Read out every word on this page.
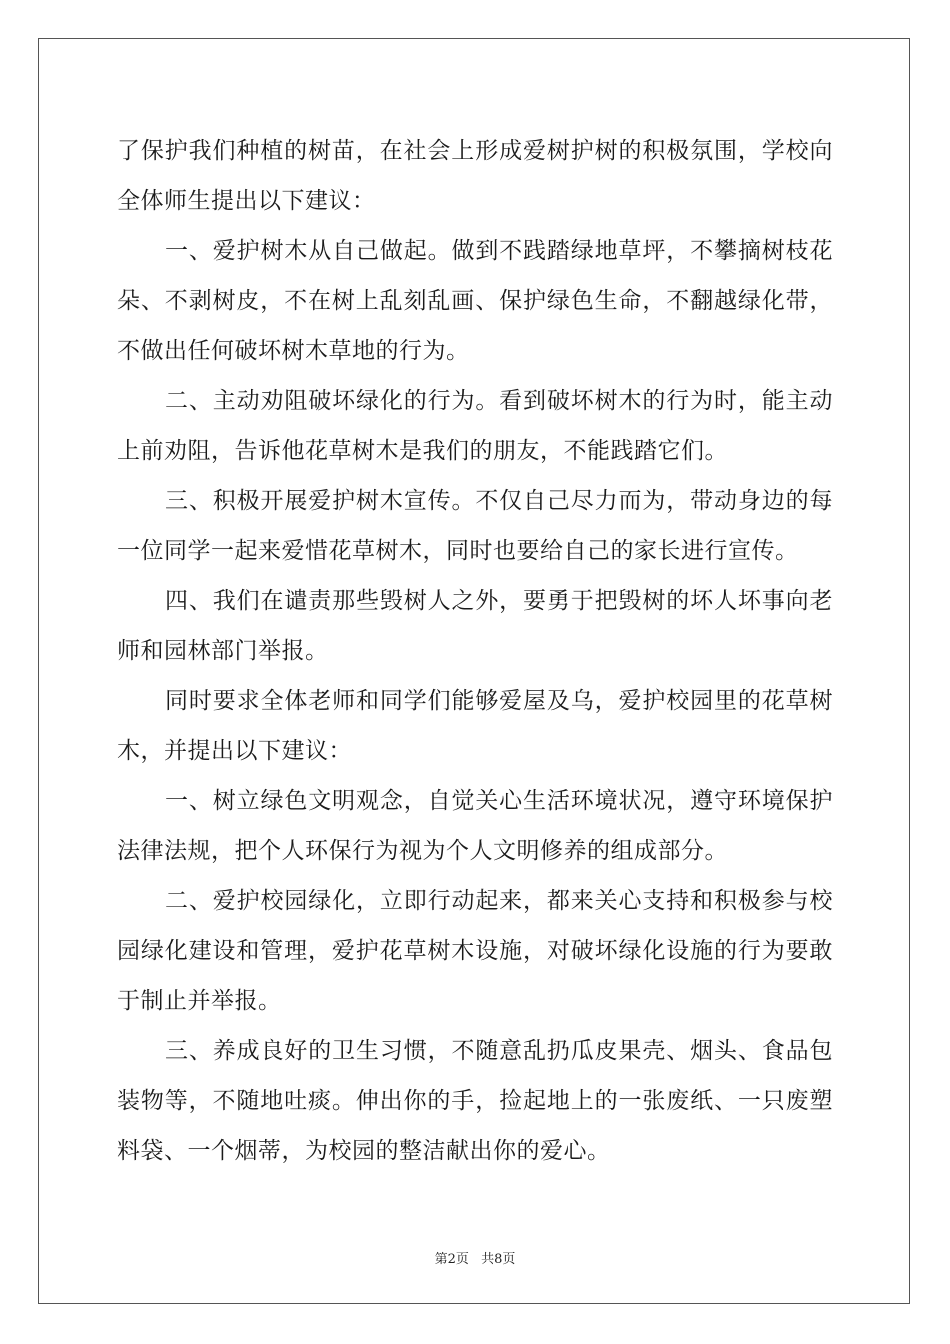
了保护我们种植的树苗，在社会上形成爱树护树的积极氛围，学校向
全体师生提出以下建议：

一、爱护树木从自己做起。做到不践踏绿地草坪，不攀摘树枝花
朵、不剥树皮，不在树上乱刻乱画、保护绿色生命，不翻越绿化带，
不做出任何破坏树木草地的行为。

二、主动劝阻破坏绿化的行为。看到破坏树木的行为时，能主动
上前劝阻，告诉他花草树木是我们的朋友，不能践踏它们。

三、积极开展爱护树木宣传。不仅自己尽力而为，带动身边的每
一位同学一起来爱惜花草树木，同时也要给自己的家长进行宣传。

四、我们在谴责那些毁树人之外，要勇于把毁树的坏人坏事向老
师和园林部门举报。

同时要求全体老师和同学们能够爱屋及乌，爱护校园里的花草树
木，并提出以下建议：

一、树立绿色文明观念，自觉关心生活环境状况，遵守环境保护
法律法规，把个人环保行为视为个人文明修养的组成部分。

二、爱护校园绿化，立即行动起来，都来关心支持和积极参与校
园绿化建设和管理，爱护花草树木设施，对破坏绿化设施的行为要敢
于制止并举报。

三、养成良好的卫生习惯，不随意乱扔瓜皮果壳、烟头、食品包
装物等，不随地吐痰。伸出你的手，捡起地上的一张废纸、一只废塑
料袋、一个烟蒂，为校园的整洁献出你的爱心。

第2页 共8页
